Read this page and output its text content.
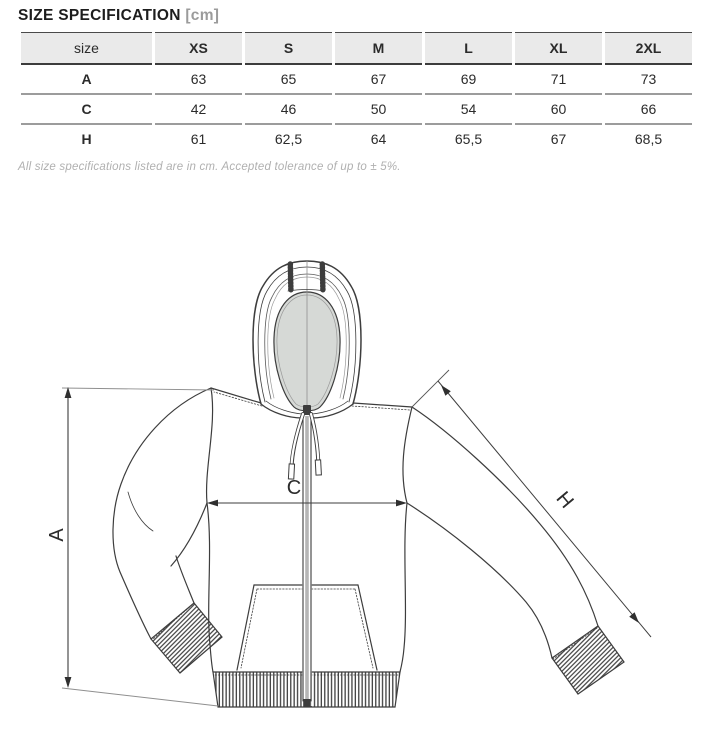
SIZE SPECIFICATION [cm]
size	XS	S	M	L	XL	2XL
A	63	65	67	69	71	73
C	42	46	50	54	60	66
H	61	62,5	64	65,5	67	68,5
All size specifications listed are in cm. Accepted tolerance of up to ± 5%.
A
C	H
